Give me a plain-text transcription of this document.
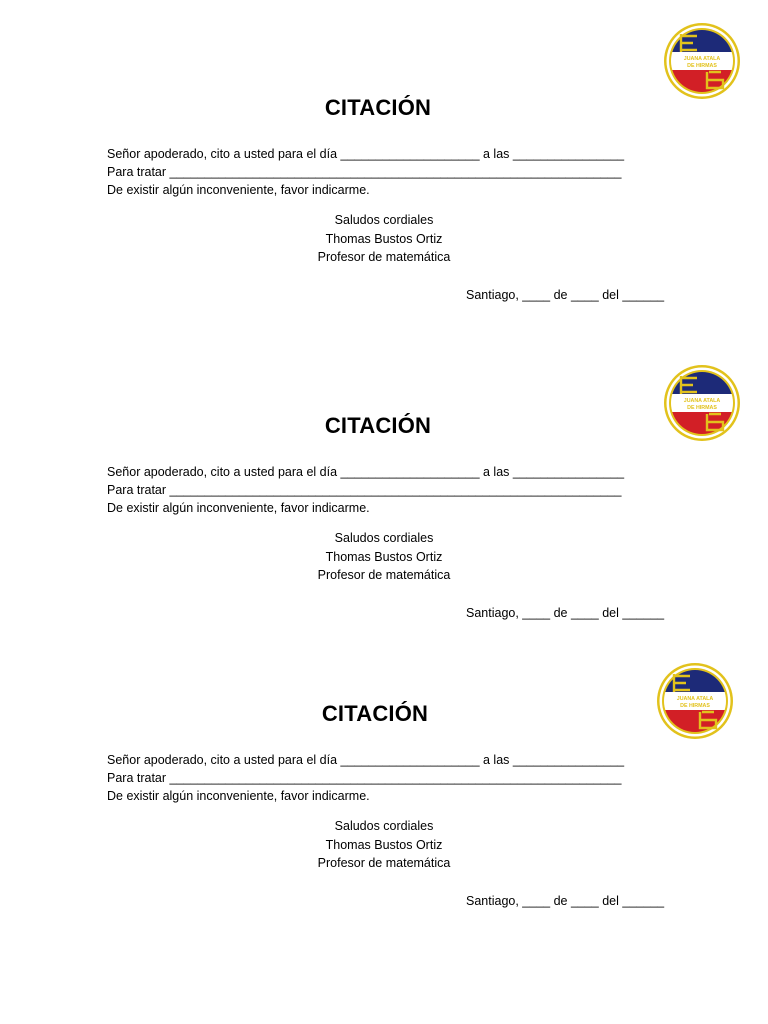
JUANA ATALA
DE HIRMAS
CITACIÓN
Señor apoderado, cito a usted para el día ____________________ a las ________________
Para tratar _________________________________________________________________
De existir algún inconveniente, favor indicarme.
Saludos cordiales
Thomas Bustos Ortiz
Profesor de matemática
Santiago, ____ de ____ del ______
JUANA ATALA
DE HIRMAS
CITACIÓN
Señor apoderado, cito a usted para el día ____________________ a las ________________
Para tratar _________________________________________________________________
De existir algún inconveniente, favor indicarme.
Saludos cordiales
Thomas Bustos Ortiz
Profesor de matemática
Santiago, ____ de ____ del ______
JUANA ATALA
DE HIRMAS
CITACIÓN
Señor apoderado, cito a usted para el día ____________________ a las ________________
Para tratar _________________________________________________________________
De existir algún inconveniente, favor indicarme.
Saludos cordiales
Thomas Bustos Ortiz
Profesor de matemática
Santiago, ____ de ____ del ______
